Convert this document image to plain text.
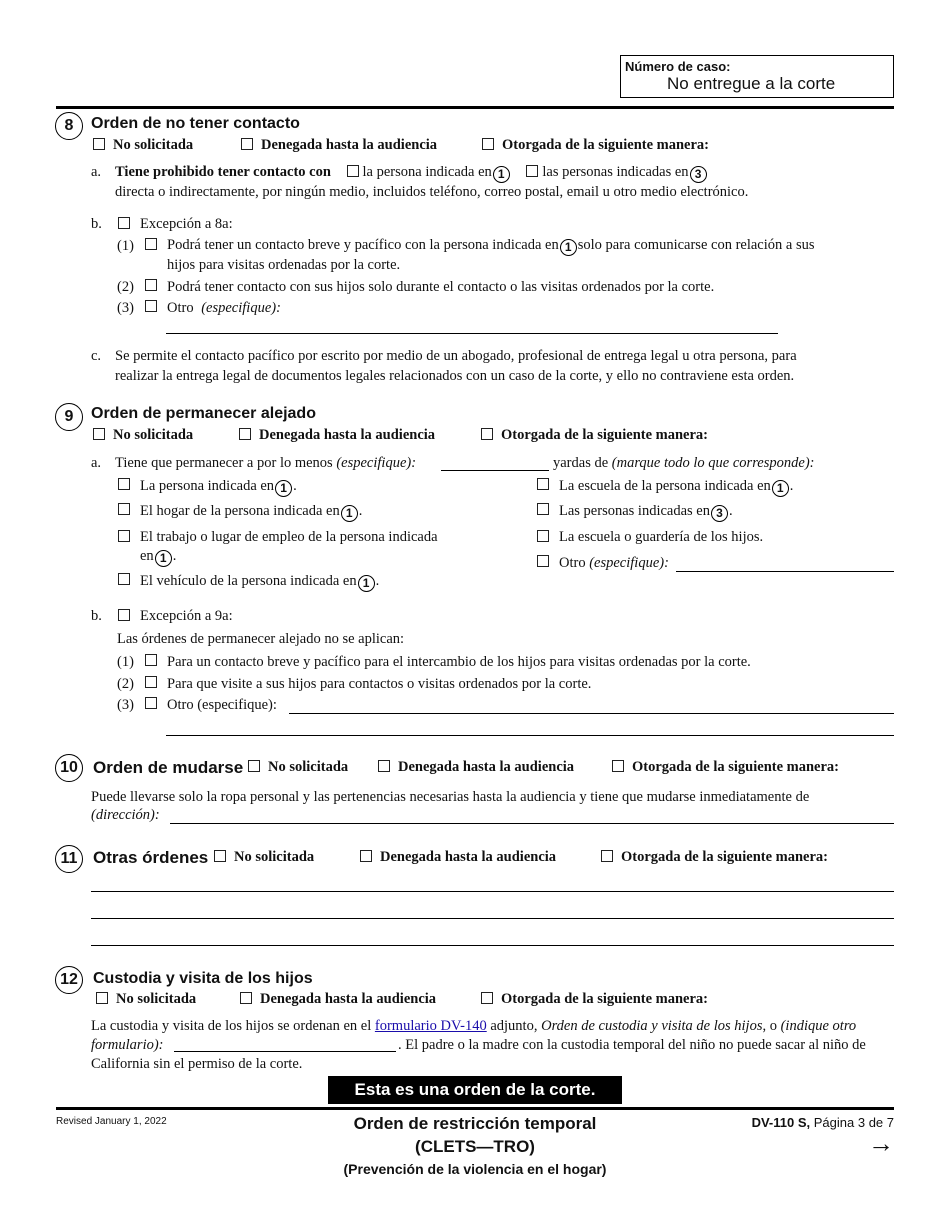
Número de caso:
No entregue a la corte
8	Orden de no tener contacto
No solicitada	Denegada hasta la audiencia	Otorgada de la siguiente manera:
a. Tiene prohibido tener contacto con la persona indicada en 1	las personas indicadas en 3
directa o indirectamente, por ningún medio, incluidos teléfono, correo postal, email u otro medio electrónico.
b.	Excepción a 8a:
(1) Podrá tener un contacto breve y pacífico con la persona indicada en 1 solo para comunicarse con relación a sus
hijos para visitas ordenadas por la corte.
(2) Podrá tener contacto con sus hijos solo durante el contacto o las visitas ordenados por la corte.
(3) Otro (especifique):
c. Se permite el contacto pacífico por escrito por medio de un abogado, profesional de entrega legal u otra persona, para
realizar la entrega legal de documentos legales relacionados con un caso de la corte, y ello no contraviene esta orden.
9	Orden de permanecer alejado
No solicitada	Denegada hasta la audiencia	Otorgada de la siguiente manera:
a. Tiene que permanecer a por lo menos (especifique):	yardas de (marque todo lo que corresponde):
La persona indicada en 1 .
El hogar de la persona indicada en 1 .
El trabajo o lugar de empleo de la persona indicada
en 1 .
El vehículo de la persona indicada en 1 .
La escuela de la persona indicada en 1 .
Las personas indicadas en 3 .
La escuela o guardería de los hijos.
Otro (especifique):
b.	Excepción a 9a:
Las órdenes de permanecer alejado no se aplican:
(1) Para un contacto breve y pacífico para el intercambio de los hijos para visitas ordenadas por la corte.
(2) Para que visite a sus hijos para contactos o visitas ordenados por la corte.
(3) Otro (especifique):
10 Orden de mudarse No solicitada	Denegada hasta la audiencia	Otorgada de la siguiente manera:
Puede llevarse solo la ropa personal y las pertenencias necesarias hasta la audiencia y tiene que mudarse inmediatamente de
(dirección):
11 Otras órdenes No solicitada	Denegada hasta la audiencia	Otorgada de la siguiente manera:
12 Custodia y visita de los hijos
No solicitada	Denegada hasta la audiencia	Otorgada de la siguiente manera:
La custodia y visita de los hijos se ordenan en el formulario DV-140 adjunto, Orden de custodia y visita de los hijos, o (indique otro
formulario):	. El padre o la madre con la custodia temporal del niño no puede sacar al niño de
California sin el permiso de la corte.
Esta es una orden de la corte.
Revised January 1, 2022	Orden de restricción temporal
(CLETS—TRO)
(Prevención de la violencia en el hogar)
DV-110 S, Página 3 de 7
→
